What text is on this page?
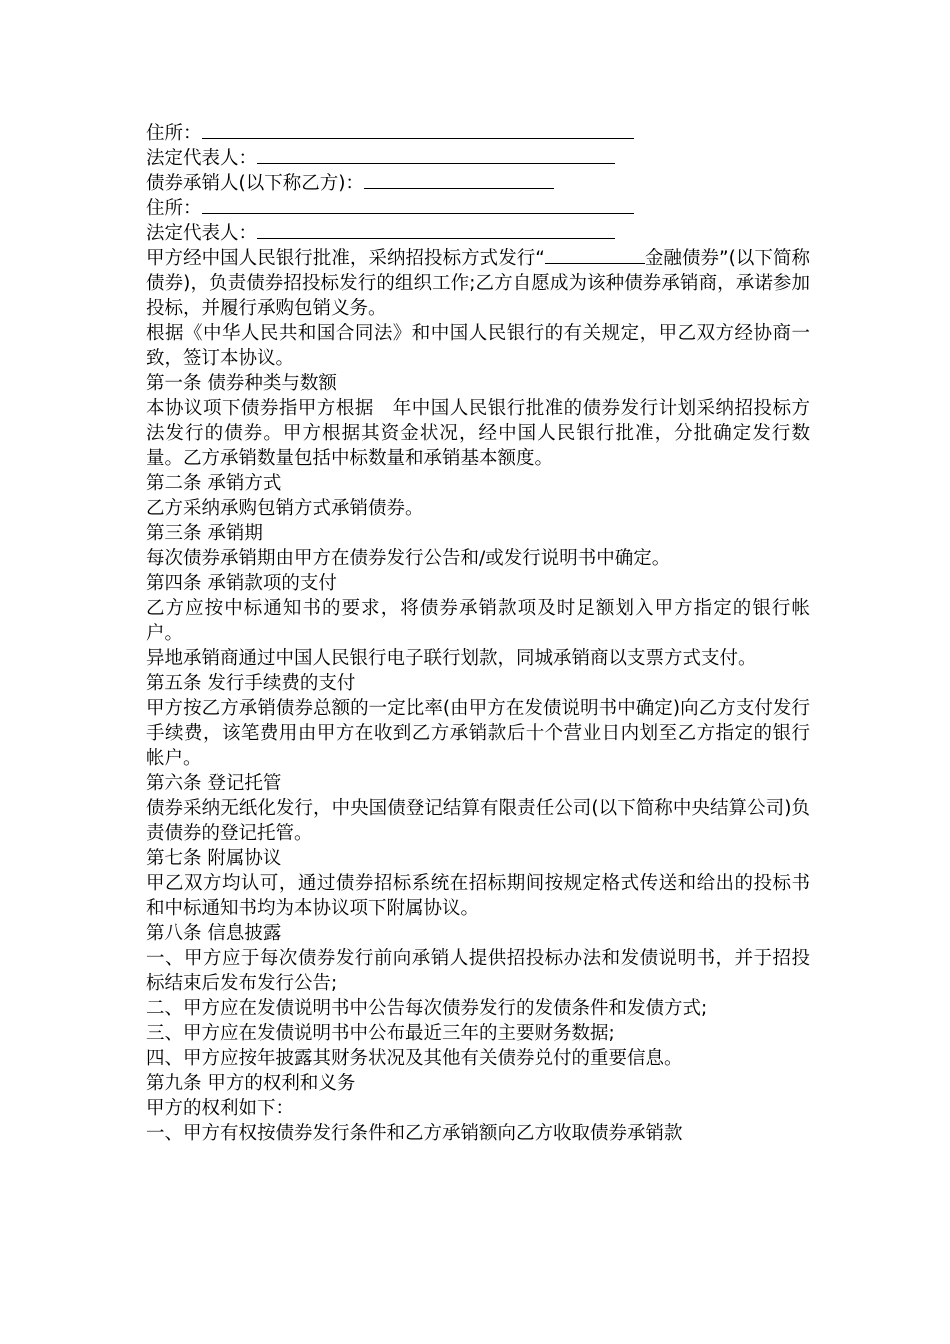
住所：
法定代表人：
债券承销人(以下称乙方)：
住所：
法定代表人：

甲方经中国人民银行批准，采纳招投标方式发行“	金融债券”(以下简称债券)，负责债券招投标发行的组织工作;乙方自愿成为该种债券承销商，承诺参加投标，并履行承购包销义务。

根据《中华人民共和国合同法》和中国人民银行的有关规定，甲乙双方经协商一致，签订本协议。

第一条 债券种类与数额

本协议项下债券指甲方根据　年中国人民银行批准的债券发行计划采纳招投标方法发行的债券。甲方根据其资金状况，经中国人民银行批准，分批确定发行数量。乙方承销数量包括中标数量和承销基本额度。

第二条 承销方式

乙方采纳承购包销方式承销债券。

第三条 承销期

每次债券承销期由甲方在债券发行公告和/或发行说明书中确定。

第四条 承销款项的支付

乙方应按中标通知书的要求，将债券承销款项及时足额划入甲方指定的银行帐户。

异地承销商通过中国人民银行电子联行划款，同城承销商以支票方式支付。

第五条 发行手续费的支付

甲方按乙方承销债券总额的一定比率(由甲方在发债说明书中确定)向乙方支付发行手续费，该笔费用由甲方在收到乙方承销款后十个营业日内划至乙方指定的银行帐户。

第六条 登记托管

债券采纳无纸化发行，中央国债登记结算有限责任公司(以下简称中央结算公司)负责债券的登记托管。

第七条 附属协议

甲乙双方均认可，通过债券招标系统在招标期间按规定格式传送和给出的投标书和中标通知书均为本协议项下附属协议。

第八条 信息披露

一、甲方应于每次债券发行前向承销人提供招投标办法和发债说明书，并于招投标结束后发布发行公告;

二、甲方应在发债说明书中公告每次债券发行的发债条件和发债方式;

三、甲方应在发债说明书中公布最近三年的主要财务数据;

四、甲方应按年披露其财务状况及其他有关债券兑付的重要信息。

第九条 甲方的权利和义务

甲方的权利如下：

一、甲方有权按债券发行条件和乙方承销额向乙方收取债券承销款
